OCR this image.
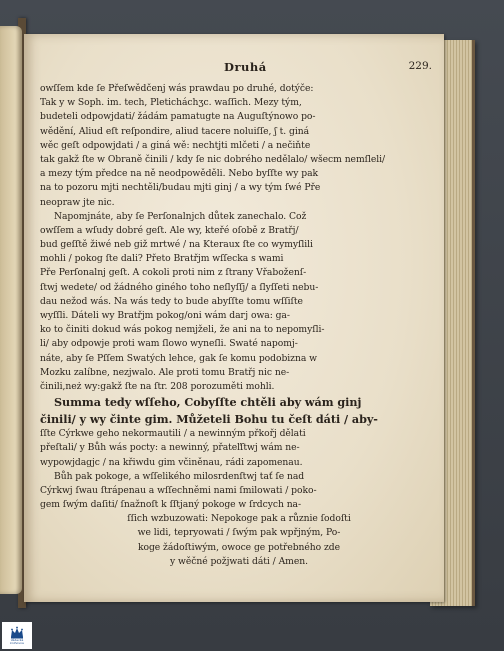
Druhá	229.
owſſem kde ſe Přeſwědčenj wás prawdau po druhé, dotýče:
Tak y w Soph. im. tech, Pleticháchʒc. waſſich. Mezy tým,
budeteli odpowjdati/ žádám pamatugte na Auguſtýnowo po-
wědění, Aliud eſt reſpondire, aliud tacere noluiſſe, ʃ t. giná
wěc geſt odpowjdati / a giná wě: nechtjti mlčeti / a nečiňte
tak gakž ſte w Obraně činili / kdy ſe nic dobrého nedělalo/ wšecm nemſleli/
a mezy tým předce na ně neodpowěděli. Nebo byſſte wy pak
na to pozoru mjti nechtěli/budau mjti ginj / a wy tým ſwé Pře
neopraw jte nic.
Napomjnáte, aby ſe Perſonalnjch důtek zanechalo. Což
owſſem a wſudy dobré geſt. Ale wy, kteřé oſobě z Bratřj/
bud geſſtě žiwé neb giž mrtwé / na Kteraux ſte co wymyſlili
mohli / pokog ſte dali? Přeto Bratřjm wſſeckа s wami
Pře Perſonalnj geſt. A cokoli proti nim z ſtrany Vřaboženſ-
ſtwj wedete/ od žádného giného toho neſlyſſj/ a ſlyſſeti nebu-
dau nežod wás. Na wás tedy to bude abyſſte tomu wſſiſte
wyſſli. Dáteli wy Bratřjm pokog/oni wám daгj owa: ga-
ko to činiti dokud wás pokog nemjželi, že ani na to nepomyſli-
li/ aby odpowje proti wam ſlowo wyneſli. Swaté napomj-
náte, aby ſe Pſſem Swatých lehce, gak ſe komu podobizna w
Mozku zalíbne, nezjwalo. Ale proti tomu Bratřj nic ne-
činili,neż wy:gakž ſte na ſtr. 208 porozuměti mohli.
Summa tedy wſſeho, Cobyſſte chtěli aby wám ginj
činili/ y wy činte gim. Můžeteli Bohu tu čeſt dáti / aby-
ſſte Cýrkwe geho nekormautili / a newinným přkořj dělati
přeſtali/ y Bůh wás pocty: a newinný, přateľſtwj wám ne-
wypowjdagjc / na křiwdu gim včiněnau, rádi zapomenau.
Bůh pak pokoge, a wſſelikého milosrdenſtwj tať ſe nad
Cýrkwj ſwau ſtrápenau a wſſechněmi nami ſmilowati / poko-
gem ſwým daſiti/ ſnažnoſt k ſſtjaný pokoge w ſrdcych na-
ſſich wzbuzowati: Nepokoge pak a různie ſodoſti
we lidi, tepryowati / ſwým pak wpřjným, Po-
koge žádoſtiwým, owoce ge potřebného zde
y wěčné požjwati dáti / Amen.
Vědecká
knihovna
